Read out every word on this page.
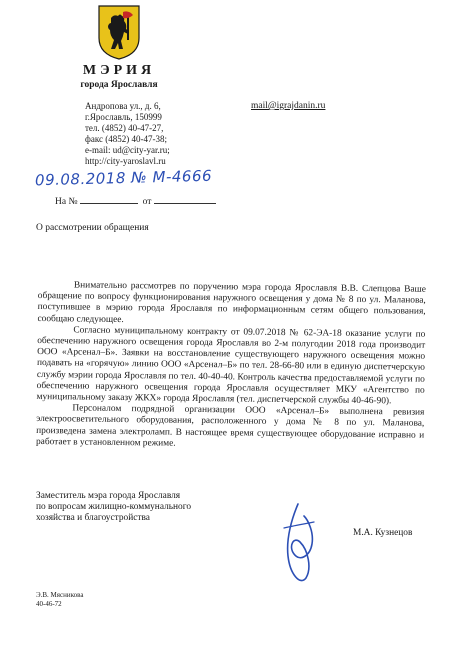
МЭРИЯ
города Ярославля
Андропова ул., д. 6,
г.Ярославль, 150999
тел. (4852) 40-47-27,
факс (4852) 40-47-38;
e-mail: ud@city-yar.ru;
http://city-yaroslavl.ru
mail@igrajdanin.ru
09.08.2018 № М-4666
На №	от
О рассмотрении обращения

Внимательно рассмотрев по поручению мэра города Ярославля В.В. Слепцова Ваше обращение по вопросу функционирования наружного освещения у дома № 8 по ул. Маланова, поступившее в мэрию города Ярославля по информационным сетям общего пользования, сообщаю следующее.

Согласно муниципальному контракту от 09.07.2018 № 62-ЭА-18 оказание услуги по обеспечению наружного освещения города Ярославля во 2-м полугодии 2018 года производит ООО «Арсенал–Б». Заявки на восстановление существующего наружного освещения можно подавать на «горячую» линию ООО «Арсенал–Б» по тел. 28-66-80 или в единую диспетчерскую службу мэрии города Ярославля по тел. 40-40-40. Контроль качества предоставляемой услуги по обеспечению наружного освещения города Ярославля осуществляет МКУ «Агентство по муниципальному заказу ЖКХ» города Ярославля (тел. диспетчерской службы 40-46-90).

Персоналом подрядной организации ООО «Арсенал–Б» выполнена ревизия электроосветительного оборудования, расположенного у дома № 8 по ул. Маланова, произведена замена электроламп. В настоящее время существующее оборудование исправно и работает в установленном режиме.

Заместитель мэра города Ярославля
по вопросам жилищно-коммунального
хозяйства и благоустройства
М.А. Кузнецов
Э.В. Мясникова
40-46-72
